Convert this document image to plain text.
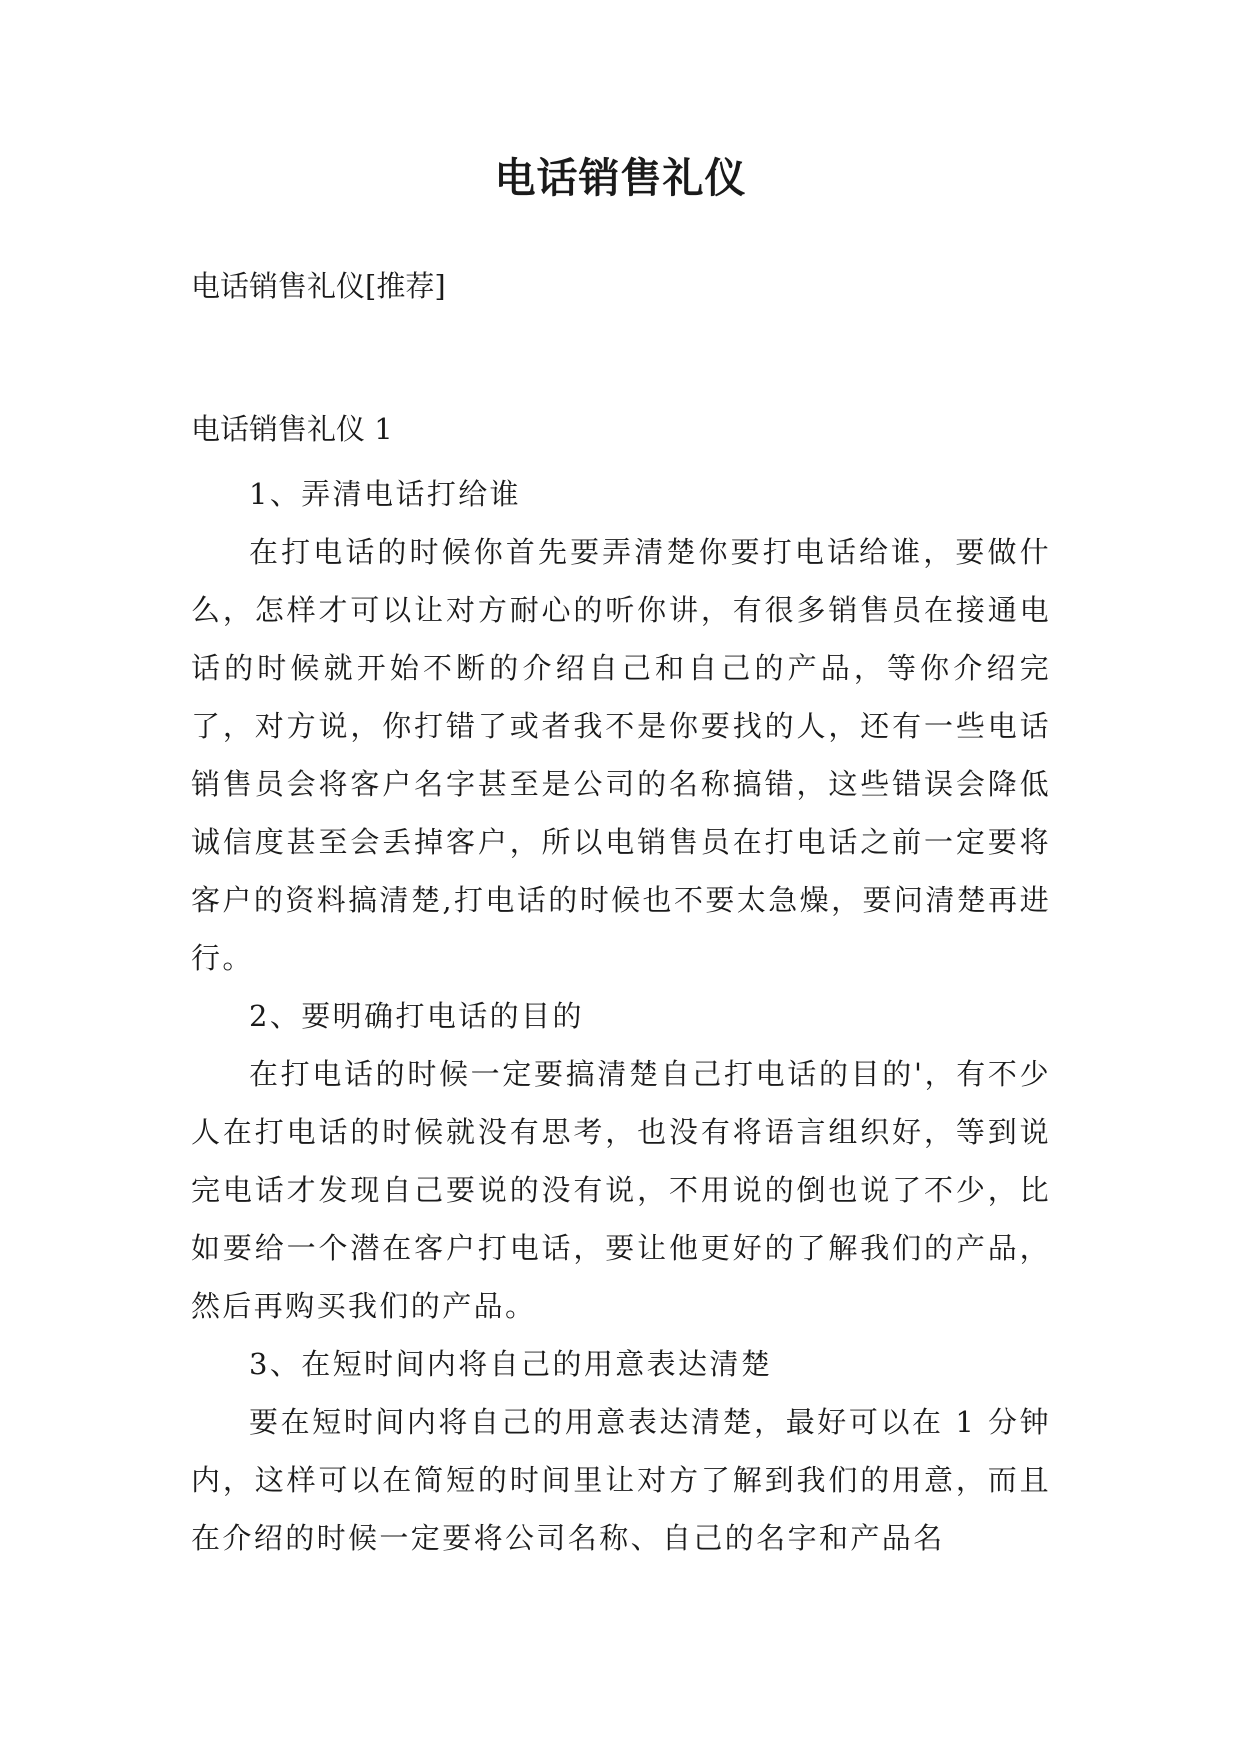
电话销售礼仪
电话销售礼仪[推荐]
电话销售礼仪 1

1、弄清电话打给谁

在打电话的时候你首先要弄清楚你要打电话给谁，要做什么，怎样才可以让对方耐心的听你讲，有很多销售员在接通电话的时候就开始不断的介绍自己和自己的产品，等你介绍完了，对方说，你打错了或者我不是你要找的人，还有一些电话销售员会将客户名字甚至是公司的名称搞错，这些错误会降低诚信度甚至会丢掉客户，所以电销售员在打电话之前一定要将客户的资料搞清楚,打电话的时候也不要太急燥，要问清楚再进行。

2、要明确打电话的目的

在打电话的时候一定要搞清楚自己打电话的目的'，有不少人在打电话的时候就没有思考，也没有将语言组织好，等到说完电话才发现自己要说的没有说，不用说的倒也说了不少，比如要给一个潜在客户打电话，要让他更好的了解我们的产品，然后再购买我们的产品。

3、在短时间内将自己的用意表达清楚

要在短时间内将自己的用意表达清楚，最好可以在 1 分钟内，这样可以在简短的时间里让对方了解到我们的用意，而且在介绍的时候一定要将公司名称、自己的名字和产品名
